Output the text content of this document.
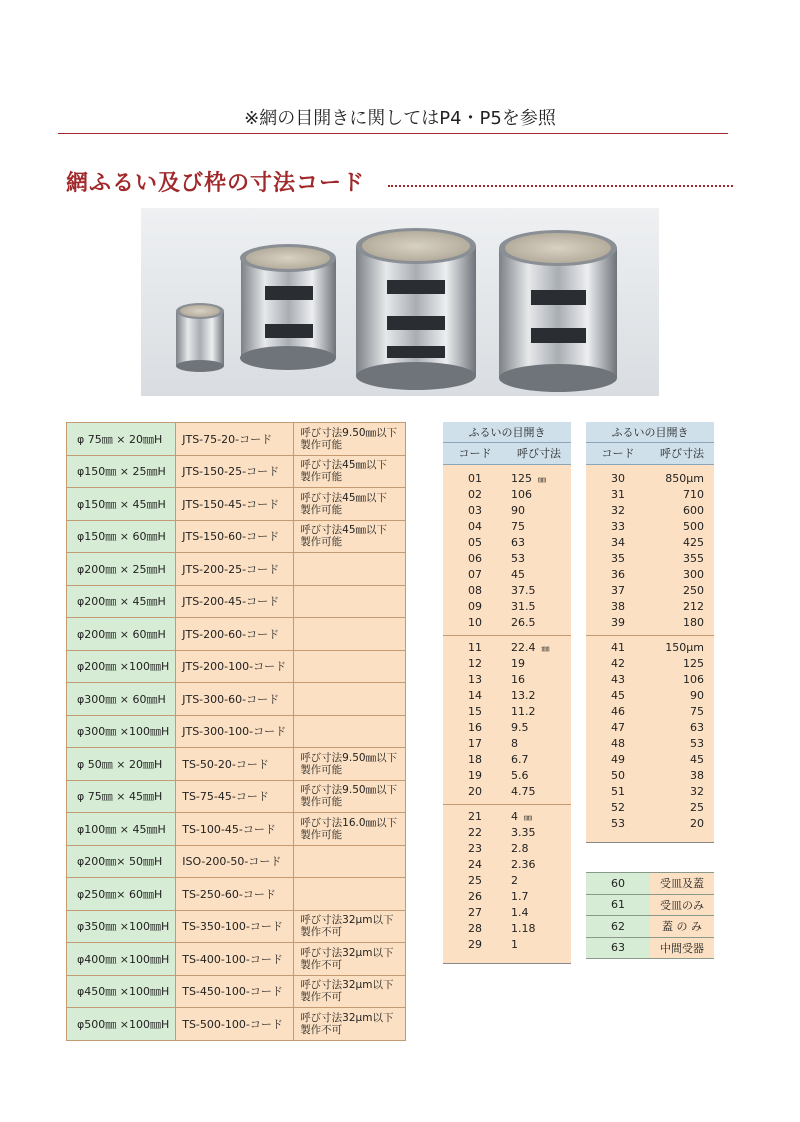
※網の目開きに関してはP4・P5を参照
網ふるい及び枠の寸法コード
φ 75㎜ × 20㎜H	JTS-75-20-コード	呼び寸法9.50㎜以下
製作可能
φ150㎜ × 25㎜H	JTS-150-25-コード	呼び寸法45㎜以下
製作可能
φ150㎜ × 45㎜H	JTS-150-45-コード	呼び寸法45㎜以下
製作可能
φ150㎜ × 60㎜H	JTS-150-60-コード	呼び寸法45㎜以下
製作可能
φ200㎜ × 25㎜H	JTS-200-25-コード	
φ200㎜ × 45㎜H	JTS-200-45-コード	
φ200㎜ × 60㎜H	JTS-200-60-コード	
φ200㎜ ×100㎜H	JTS-200-100-コード	
φ300㎜ × 60㎜H	JTS-300-60-コード	
φ300㎜ ×100㎜H	JTS-300-100-コード	
φ 50㎜ × 20㎜H	TS-50-20-コード	呼び寸法9.50㎜以下
製作可能
φ 75㎜ × 45㎜H	TS-75-45-コード	呼び寸法9.50㎜以下
製作可能
φ100㎜ × 45㎜H	TS-100-45-コード	呼び寸法16.0㎜以下
製作可能
φ200㎜× 50㎜H	ISO-200-50-コード	
φ250㎜× 60㎜H	TS-250-60-コード	
φ350㎜ ×100㎜H	TS-350-100-コード	呼び寸法32μm以下
製作不可
φ400㎜ ×100㎜H	TS-400-100-コード	呼び寸法32μm以下
製作不可
φ450㎜ ×100㎜H	TS-450-100-コード	呼び寸法32μm以下
製作不可
φ500㎜ ×100㎜H	TS-500-100-コード	呼び寸法32μm以下
製作不可
ふるいの目開き
コード	呼び寸法
01	125 ㎜
02	106
03	90
04	75
05	63
06	53
07	45
08	37.5
09	31.5
10	26.5
11	22.4 ㎜
12	19
13	16
14	13.2
15	11.2
16	9.5
17	8
18	6.7
19	5.6
20	4.75
21	4 ㎜
22	3.35
23	2.8
24	2.36
25	2
26	1.7
27	1.4
28	1.18
29	1
ふるいの目開き
コード	呼び寸法
30	850μm
31	710
32	600
33	500
34	425
35	355
36	300
37	250
38	212
39	180
41	150μm
42	125
43	106
45	90
46	75
47	63
48	53
49	45
50	38
51	32
52	25
53	20
60	受皿及蓋
61	受皿のみ
62	蓋 の み
63	中間受器
